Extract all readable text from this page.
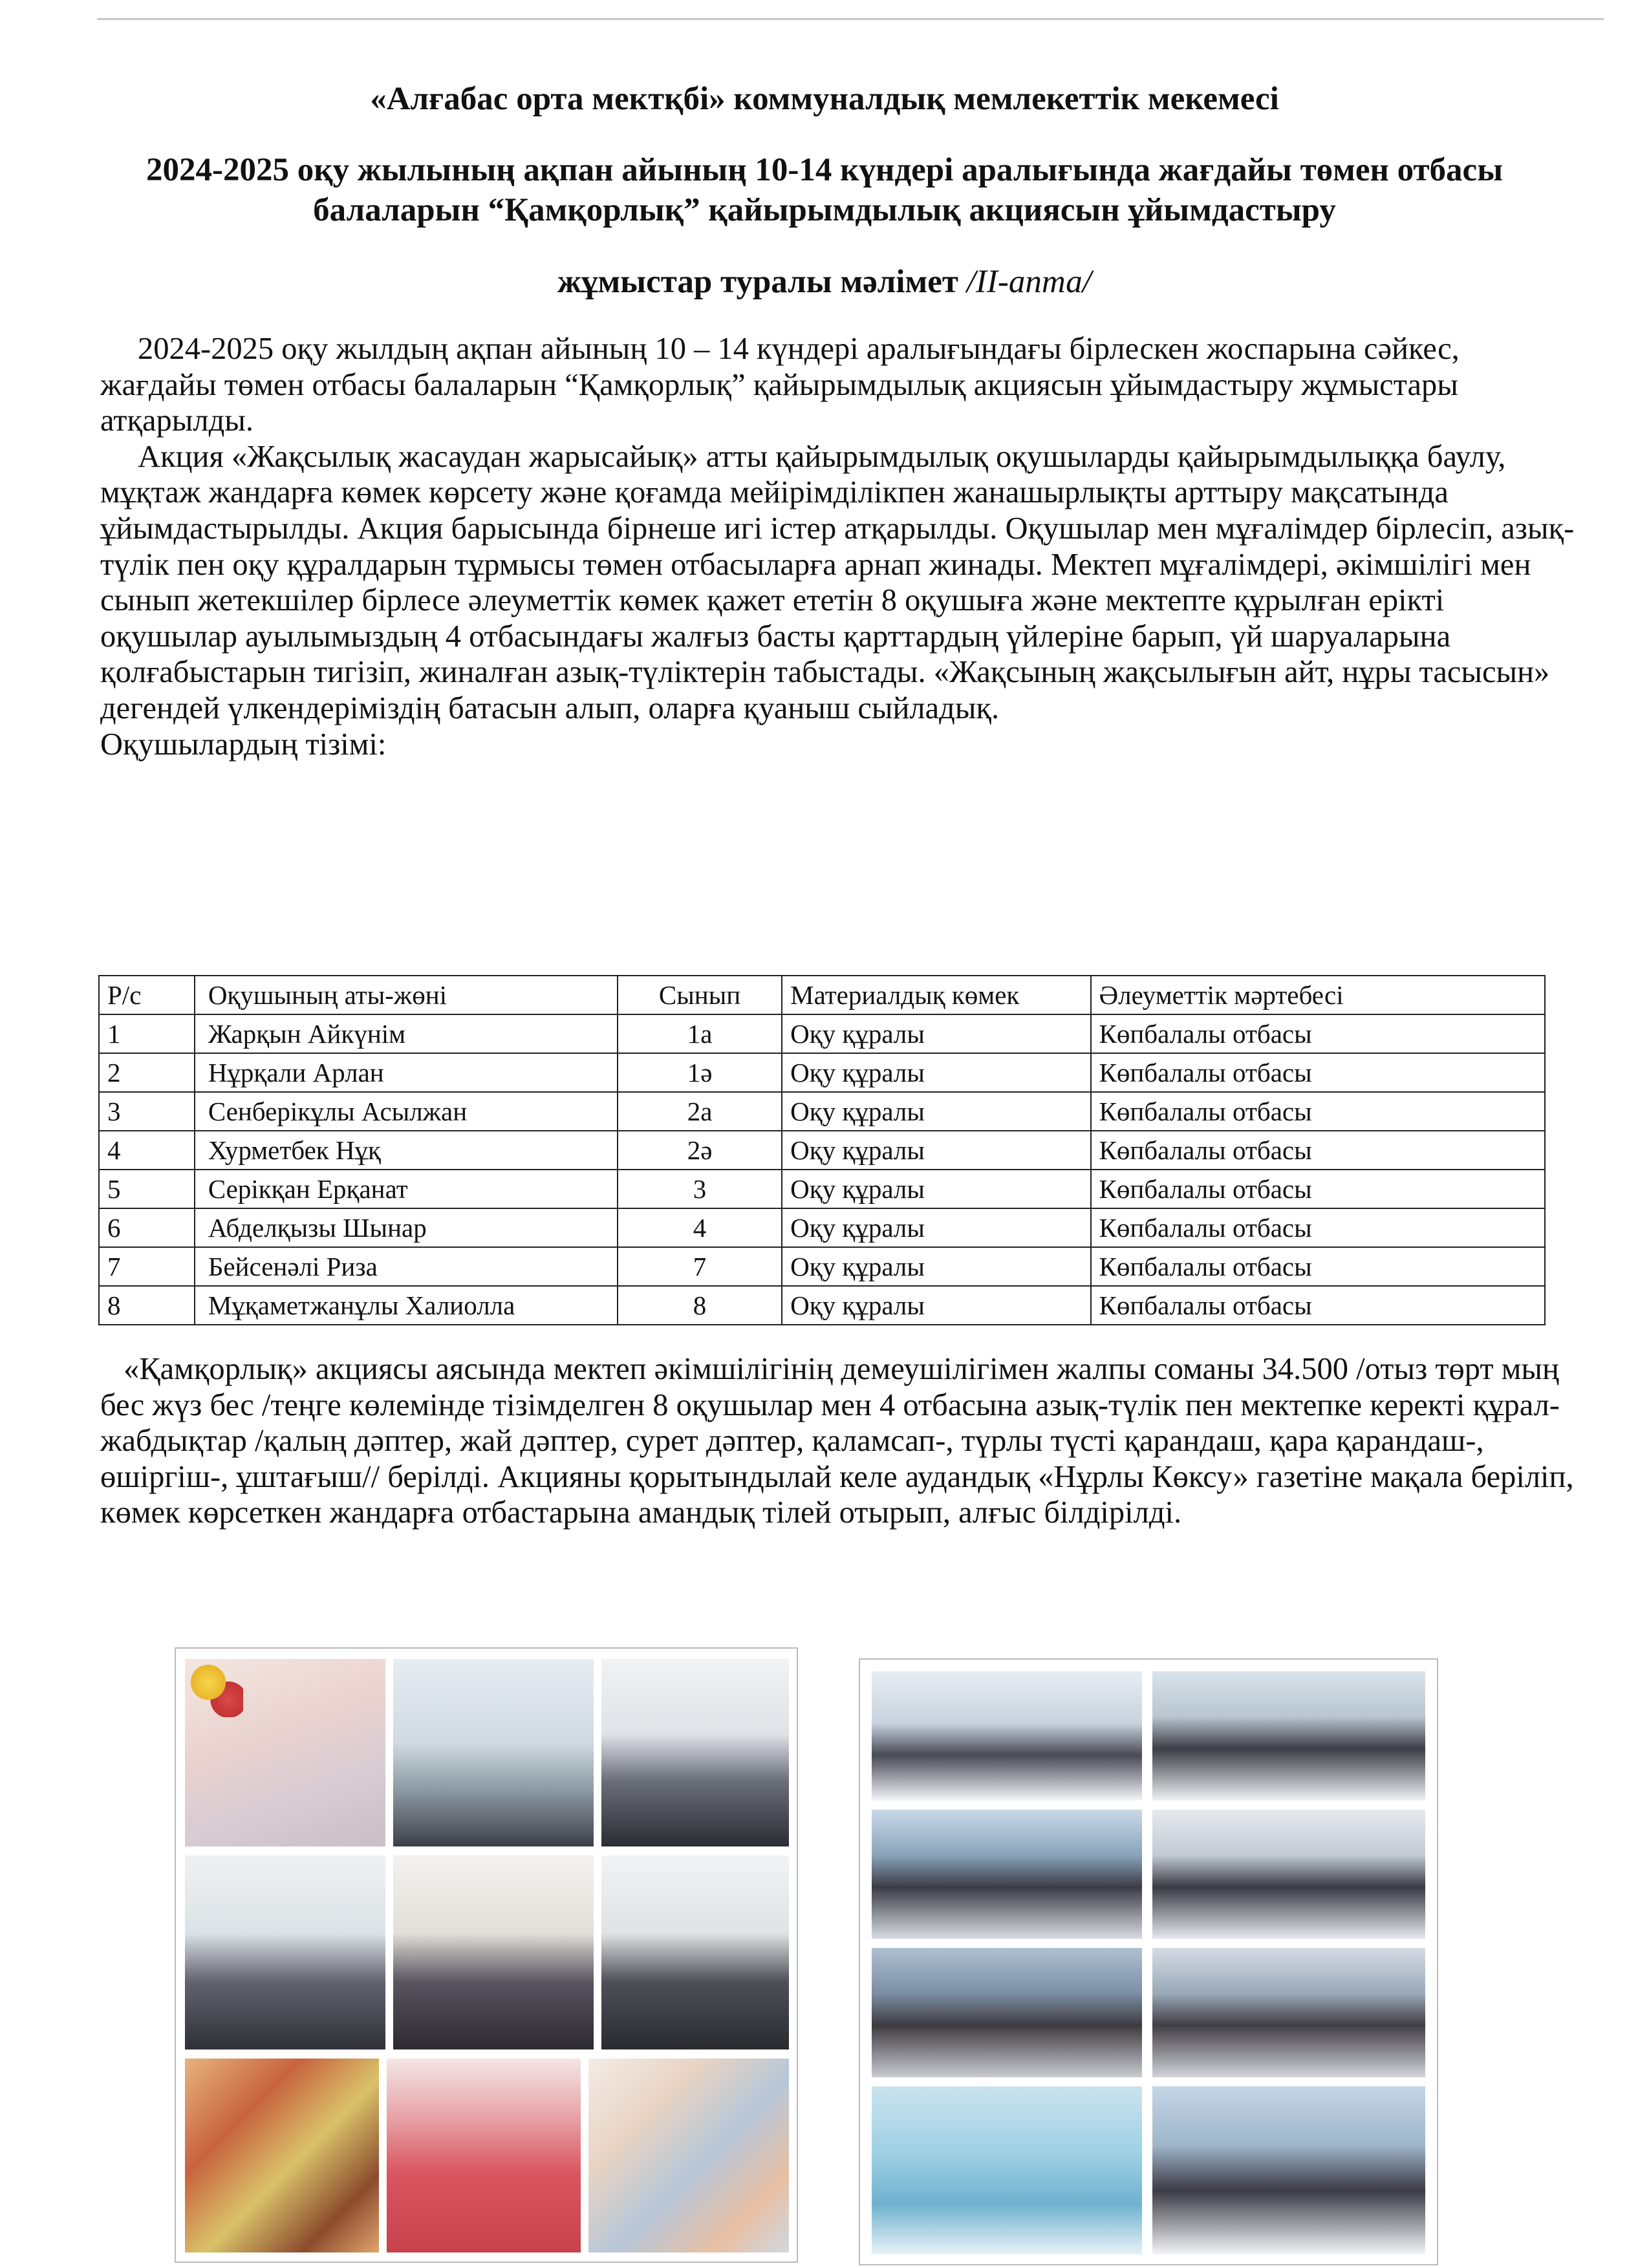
«Алғабас орта мектқбі» коммуналдық мемлекеттік мекемесі
2024-2025 оқу жылының ақпан айының 10-14 күндері аралығында жағдайы төмен отбасы балаларын “Қамқорлық” қайырымдылық акциясын ұйымдастыру
жұмыстар туралы мәлімет /ІІ-апта/

2024-2025 оқу жылдың ақпан айының 10 – 14 күндері аралығындағы бірлескен жоспарына сәйкес, жағдайы төмен отбасы балаларын “Қамқорлық” қайырымдылық акциясын ұйымдастыру жұмыстары атқарылды.

Акция «Жақсылық жасаудан жарысайық» атты қайырымдылық оқушыларды қайырымдылыққа баулу, мұқтаж жандарға көмек көрсету және қоғамда мейірімділікпен жанашырлықты арттыру мақсатында ұйымдастырылды. Акция барысында бірнеше игі істер атқарылды. Оқушылар мен мұғалімдер бірлесіп, азық-түлік пен оқу құралдарын тұрмысы төмен отбасыларға арнап жинады. Мектеп мұғалімдері, әкімшілігі мен сынып жетекшілер бірлесе әлеуметтік көмек қажет ететін 8 оқушыға және мектепте құрылған ерікті оқушылар ауылымыздың 4 отбасындағы жалғыз басты қарттардың үйлеріне барып, үй шаруаларына қолғабыстарын тигізіп, жиналған азық-түліктерін табыстады. «Жақсының жақсылығын айт, нұры тасысын» дегендей үлкендеріміздің батасын алып, оларға қуаныш сыйладық.

Оқушылардың тізімі:

Р/с	Оқушының аты-жөні	Сынып	Материалдық көмек	Әлеуметтік мәртебесі
1	Жарқын Айкүнім	1а	Оқу құралы	Көпбалалы отбасы
2	Нұрқали Арлан	1ә	Оқу құралы	Көпбалалы отбасы
3	Сенберікұлы Асылжан	2а	Оқу құралы	Көпбалалы отбасы
4	Хурметбек Нұқ	2ә	Оқу құралы	Көпбалалы отбасы
5	Серікқан Ерқанат	3	Оқу құралы	Көпбалалы отбасы
6	Абделқызы Шынар	4	Оқу құралы	Көпбалалы отбасы
7	Бейсенәлі Риза	7	Оқу құралы	Көпбалалы отбасы
8	Мұқаметжанұлы Халиолла	8	Оқу құралы	Көпбалалы отбасы

«Қамқорлық» акциясы аясында мектеп әкімшілігінің демеушілігімен жалпы соманы 34.500 /отыз төрт мың бес жүз бес /теңге көлемінде тізімделген 8 оқушылар мен 4 отбасына азық-түлік пен мектепке керекті құрал-жабдықтар /қалың дәптер, жай дәптер, сурет дәптер, қаламсап-, түрлы түсті қарандаш, қара қарандаш-, өшіргіш-, ұштағыш// берілді. Акцияны қорытындылай келе аудандық «Нұрлы Көксу» газетіне мақала беріліп, көмек көрсеткен жандарға отбастарына амандық тілей отырып, алғыс білдірілді.
